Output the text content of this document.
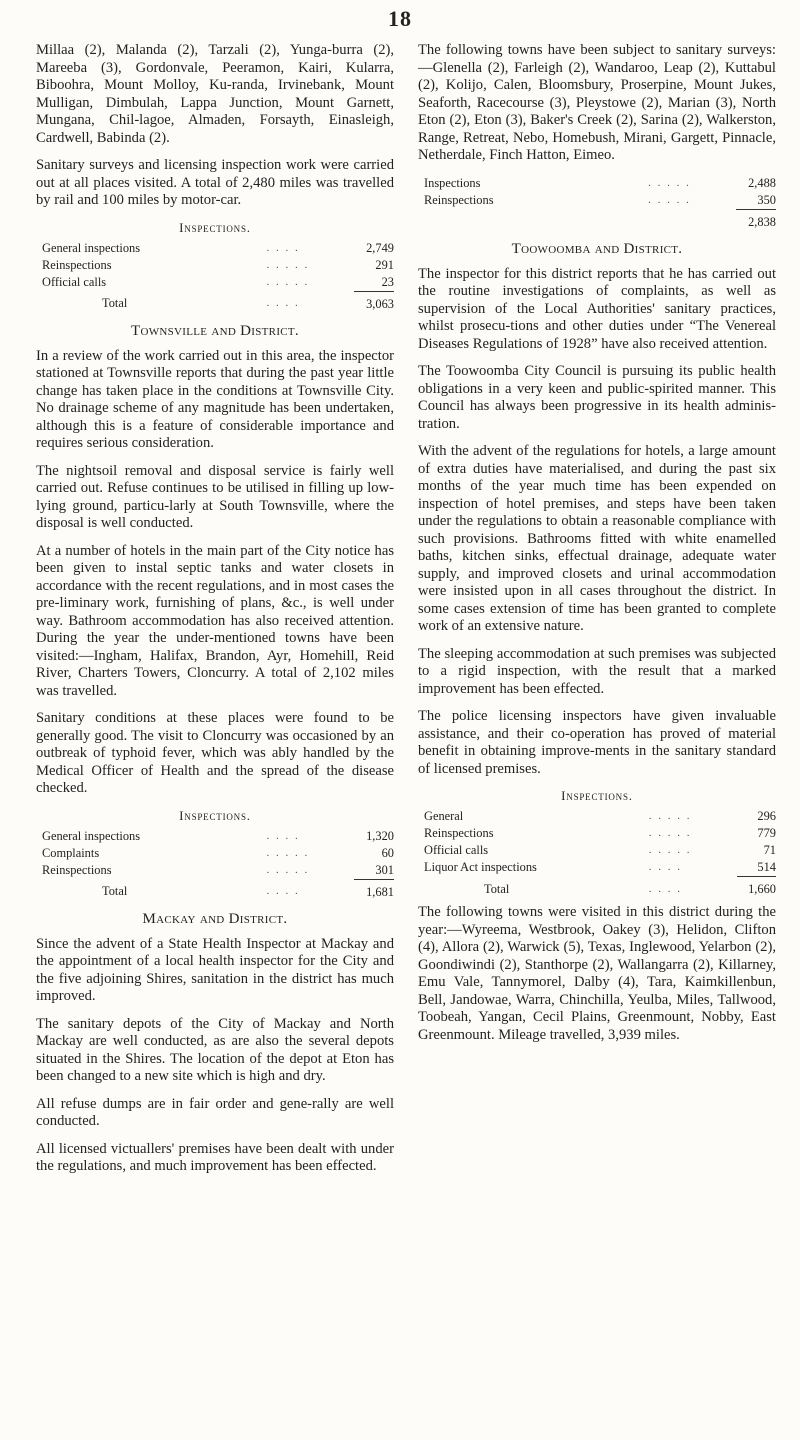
18

Millaa (2), Malanda (2), Tarzali (2), Yunga-burra (2), Mareeba (3), Gordonvale, Peeramon, Kairi, Kularra, Biboohra, Mount Molloy, Ku-randa, Irvinebank, Mount Mulligan, Dimbulah, Lappa Junction, Mount Garnett, Mungana, Chil-lagoe, Almaden, Forsayth, Einasleigh, Cardwell, Babinda (2).

Sanitary surveys and licensing inspection work were carried out at all places visited. A total of 2,480 miles was travelled by rail and 100 miles by motor-car.

Inspections.
General inspections	. . . .	2,749
Reinspections	. . . . .	291
Official calls	. . . . .	23
Total	. . . .	3,063
Townsville and District.

In a review of the work carried out in this area, the inspector stationed at Townsville reports that during the past year little change has taken place in the conditions at Townsville City. No drainage scheme of any magnitude has been undertaken, although this is a feature of considerable importance and requires serious consideration.

The nightsoil removal and disposal service is fairly well carried out. Refuse continues to be utilised in filling up low-lying ground, particu-larly at South Townsville, where the disposal is well conducted.

At a number of hotels in the main part of the City notice has been given to instal septic tanks and water closets in accordance with the recent regulations, and in most cases the pre-liminary work, furnishing of plans, &c., is well under way. Bathroom accommodation has also received attention. During the year the under-mentioned towns have been visited:—Ingham, Halifax, Brandon, Ayr, Homehill, Reid River, Charters Towers, Cloncurry. A total of 2,102 miles was travelled.

Sanitary conditions at these places were found to be generally good. The visit to Cloncurry was occasioned by an outbreak of typhoid fever, which was ably handled by the Medical Officer of Health and the spread of the disease checked.

Inspections.
General inspections	. . . .	1,320
Complaints	. . . . .	60
Reinspections	. . . . .	301
Total	. . . .	1,681
Mackay and District.

Since the advent of a State Health Inspector at Mackay and the appointment of a local health inspector for the City and the five adjoining Shires, sanitation in the district has much improved.

The sanitary depots of the City of Mackay and North Mackay are well conducted, as are also the several depots situated in the Shires. The location of the depot at Eton has been changed to a new site which is high and dry.

All refuse dumps are in fair order and gene-rally are well conducted.

All licensed victuallers' premises have been dealt with under the regulations, and much improvement has been effected.

The following towns have been subject to sanitary surveys:—Glenella (2), Farleigh (2), Wandaroo, Leap (2), Kuttabul (2), Kolijo, Calen, Bloomsbury, Proserpine, Mount Jukes, Seaforth, Racecourse (3), Pleystowe (2), Marian (3), North Eton (2), Eton (3), Baker's Creek (2), Sarina (2), Walkerston, Range, Retreat, Nebo, Homebush, Mirani, Gargett, Pinnacle, Netherdale, Finch Hatton, Eimeo.

Inspections	. . . . .	2,488
Reinspections	. . . . .	350
		2,838
Toowoomba and District.

The inspector for this district reports that he has carried out the routine investigations of complaints, as well as supervision of the Local Authorities' sanitary practices, whilst prosecu-tions and other duties under “The Venereal Diseases Regulations of 1928” have also received attention.

The Toowoomba City Council is pursuing its public health obligations in a very keen and public-spirited manner. This Council has always been progressive in its health adminis-tration.

With the advent of the regulations for hotels, a large amount of extra duties have materialised, and during the past six months of the year much time has been expended on inspection of hotel premises, and steps have been taken under the regulations to obtain a reasonable compliance with such provisions. Bathrooms fitted with white enamelled baths, kitchen sinks, effectual drainage, adequate water supply, and improved closets and urinal accommodation were insisted upon in all cases throughout the district. In some cases extension of time has been granted to complete work of an extensive nature.

The sleeping accommodation at such premises was subjected to a rigid inspection, with the result that a marked improvement has been effected.

The police licensing inspectors have given invaluable assistance, and their co-operation has proved of material benefit in obtaining improve-ments in the sanitary standard of licensed premises.

Inspections.
General	. . . . .	296
Reinspections	. . . . .	779
Official calls	. . . . .	71
Liquor Act inspections	. . . .	514
Total	. . . .	1,660

The following towns were visited in this district during the year:—Wyreema, Westbrook, Oakey (3), Helidon, Clifton (4), Allora (2), Warwick (5), Texas, Inglewood, Yelarbon (2), Goondiwindi (2), Stanthorpe (2), Wallangarra (2), Killarney, Emu Vale, Tannymorel, Dalby (4), Tara, Kaimkillenbun, Bell, Jandowae, Warra, Chinchilla, Yeulba, Miles, Tallwood, Toobeah, Yangan, Cecil Plains, Greenmount, Nobby, East Greenmount. Mileage travelled, 3,939 miles.
